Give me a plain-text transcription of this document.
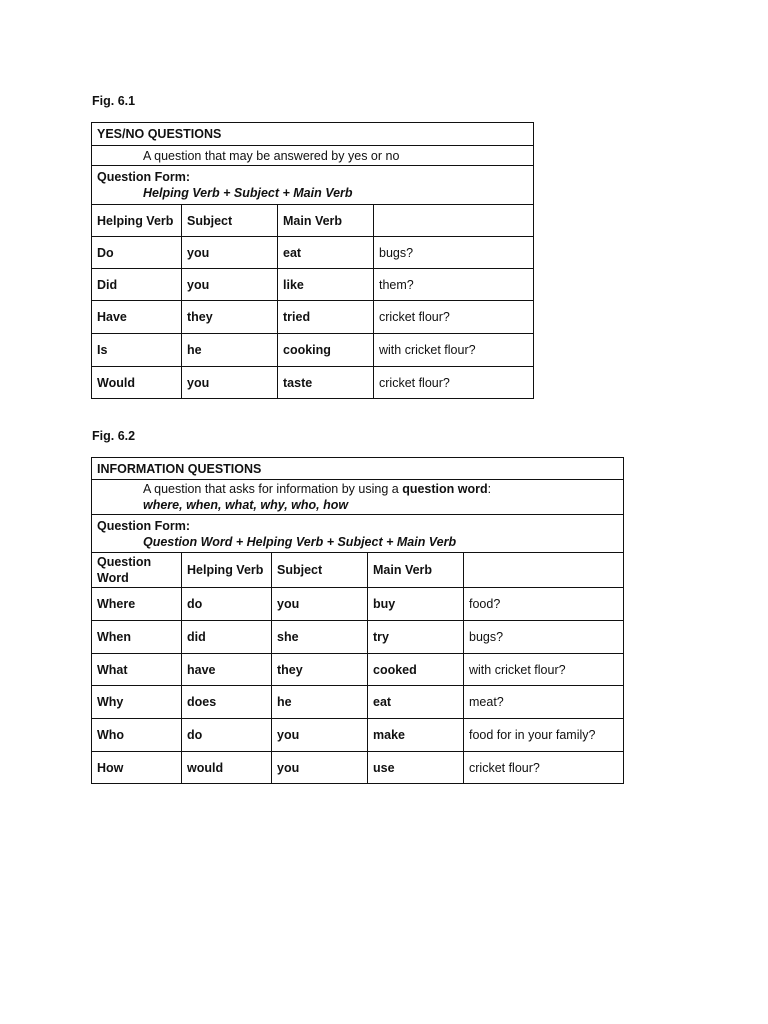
Fig. 6.1
YES/NO QUESTIONS			
A question that may be answered by yes or no			

Question Form:
Helping Verb + Subject + Main Verb			

Helping Verb	Subject	Main Verb	
Do	you	eat	bugs?
Did	you	like	them?
Have	they	tried	cricket flour?
Is	he	cooking	with cricket flour?
Would	you	taste	cricket flour?
Fig. 6.2
INFORMATION QUESTIONS				

A question that asks for information by using a question word:
where, when, what, why, who, how				

Question Form:
Question Word + Helping Verb + Subject + Main Verb				

Question Word	Helping Verb	Subject	Main Verb	
Where	do	you	buy	food?
When	did	she	try	bugs?
What	have	they	cooked	with cricket flour?
Why	does	he	eat	meat?
Who	do	you	make	food for in your family?
How	would	you	use	cricket flour?
